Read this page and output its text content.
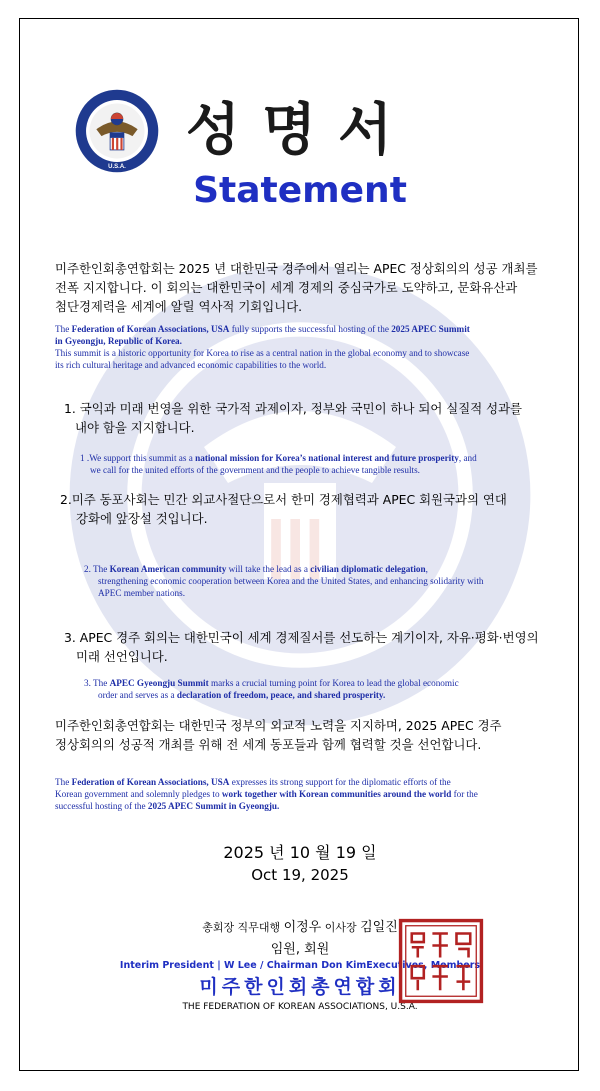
U.S.A.
성명서
Statement
미주한인회총연합회는 2025 년 대한민국 경주에서 열리는 APEC 정상회의의 성공 개최를
전폭 지지합니다. 이 회의는 대한민국이 세계 경제의 중심국가로 도약하고, 문화유산과
첨단경제력을 세계에 알릴 역사적 기회입니다.
The Federation of Korean Associations, USA fully supports the successful hosting of the 2025 APEC Summit
in Gyeongju, Republic of Korea.
This summit is a historic opportunity for Korea to rise as a central nation in the global economy and to showcase
its rich cultural heritage and advanced economic capabilities to the world.
1. 국익과 미래 번영을 위한 국가적 과제이자, 정부와 국민이 하나 되어 실질적 성과를
내야 함을 지지합니다.
1 .We support this summit as a national mission for Korea’s national interest and future prosperity, and
we call for the united efforts of the government and the people to achieve tangible results.
2.미주 동포사회는 민간 외교사절단으로서 한미 경제협력과 APEC 회원국과의 연대
강화에 앞장설 것입니다.
2. The Korean American community will take the lead as a civilian diplomatic delegation,
strengthening economic cooperation between Korea and the United States, and enhancing solidarity with
APEC member nations.
3. APEC 경주 회의는 대한민국이 세계 경제질서를 선도하는 계기이자, 자유·평화·번영의
미래 선언입니다.
3. The APEC Gyeongju Summit marks a crucial turning point for Korea to lead the global economic
order and serves as a declaration of freedom, peace, and shared prosperity.
미주한인회총연합회는 대한민국 정부의 외교적 노력을 지지하며, 2025 APEC 경주
정상회의의 성공적 개최를 위해 전 세계 동포들과 함께 협력할 것을 선언합니다.
The Federation of Korean Associations, USA expresses its strong support for the diplomatic efforts of the
Korean government and solemnly pledges to work together with Korean communities around the world for the
successful hosting of the 2025 APEC Summit in Gyeongju.
2025 년 10 월 19 일
Oct 19, 2025
총회장 직무대행 이정우 이사장 김일진
임원, 회원
Interim President | W Lee / Chairman Don KimExecutives, Members
미주한인회총연합회
THE FEDERATION OF KOREAN ASSOCIATIONS, U.S.A.
